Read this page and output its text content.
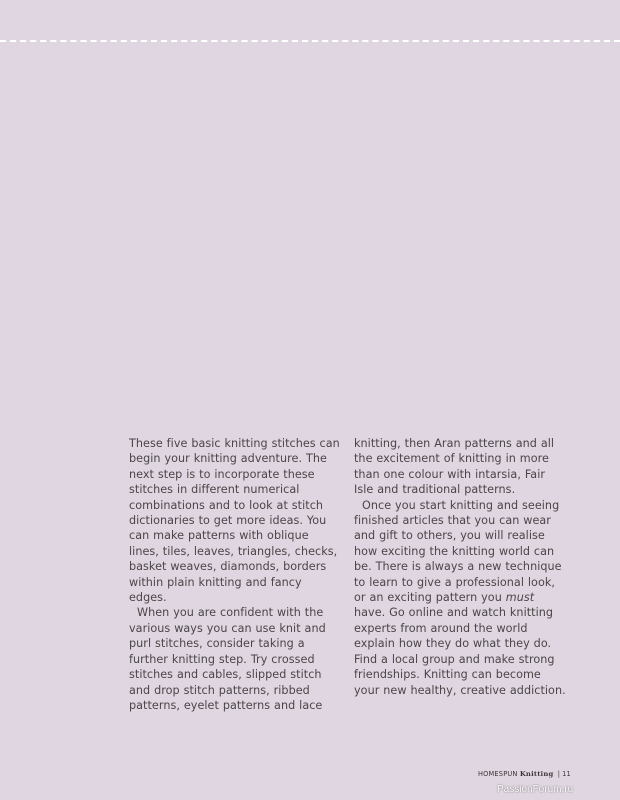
These five basic knitting stitches can begin your knitting adventure. The next step is to incorporate these stitches in different numerical combinations and to look at stitch dictionaries to get more ideas. You can make patterns with oblique lines, tiles, leaves, triangles, checks, basket weaves, diamonds, borders within plain knitting and fancy edges.

When you are confident with the various ways you can use knit and purl stitches, consider taking a further knitting step. Try crossed stitches and cables, slipped stitch and drop stitch patterns, ribbed patterns, eyelet patterns and lace

knitting, then Aran patterns and all the excitement of knitting in more than one colour with intarsia, Fair Isle and traditional patterns.

Once you start knitting and seeing finished articles that you can wear and gift to others, you will realise how exciting the knitting world can be. There is always a new technique to learn to give a professional look, or an exciting pattern you must have. Go online and watch knitting experts from around the world explain how they do what they do. Find a local group and make strong friendships. Knitting can become your new healthy, creative addiction.

HOMESPUN Knitting | 11
PassionForum.ru
